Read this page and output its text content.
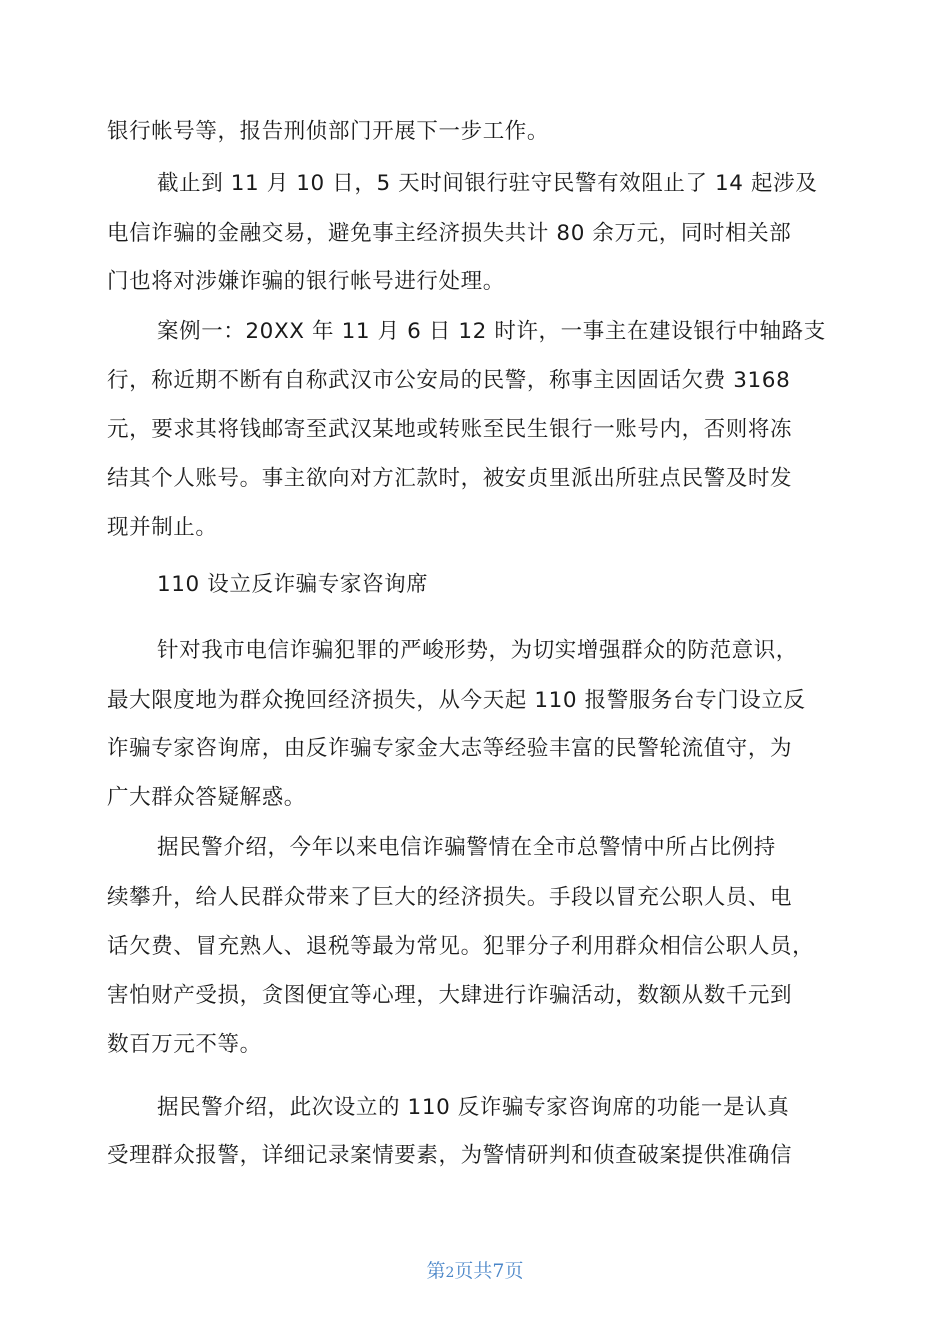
银行帐号等，报告刑侦部门开展下一步工作。
截止到 11 月 10 日，5 天时间银行驻守民警有效阻止了 14 起涉及
电信诈骗的金融交易，避免事主经济损失共计 80 余万元，同时相关部
门也将对涉嫌诈骗的银行帐号进行处理。
案例一：20XX 年 11 月 6 日 12 时许，一事主在建设银行中轴路支
行，称近期不断有自称武汉市公安局的民警，称事主因固话欠费 3168
元，要求其将钱邮寄至武汉某地或转账至民生银行一账号内，否则将冻
结其个人账号。事主欲向对方汇款时，被安贞里派出所驻点民警及时发
现并制止。
110 设立反诈骗专家咨询席
针对我市电信诈骗犯罪的严峻形势，为切实增强群众的防范意识，
最大限度地为群众挽回经济损失，从今天起 110 报警服务台专门设立反
诈骗专家咨询席，由反诈骗专家金大志等经验丰富的民警轮流值守，为
广大群众答疑解惑。
据民警介绍，今年以来电信诈骗警情在全市总警情中所占比例持
续攀升，给人民群众带来了巨大的经济损失。手段以冒充公职人员、电
话欠费、冒充熟人、退税等最为常见。犯罪分子利用群众相信公职人员，
害怕财产受损，贪图便宜等心理，大肆进行诈骗活动，数额从数千元到
数百万元不等。
据民警介绍，此次设立的 110 反诈骗专家咨询席的功能一是认真
受理群众报警，详细记录案情要素，为警情研判和侦查破案提供准确信
第2页共7页
